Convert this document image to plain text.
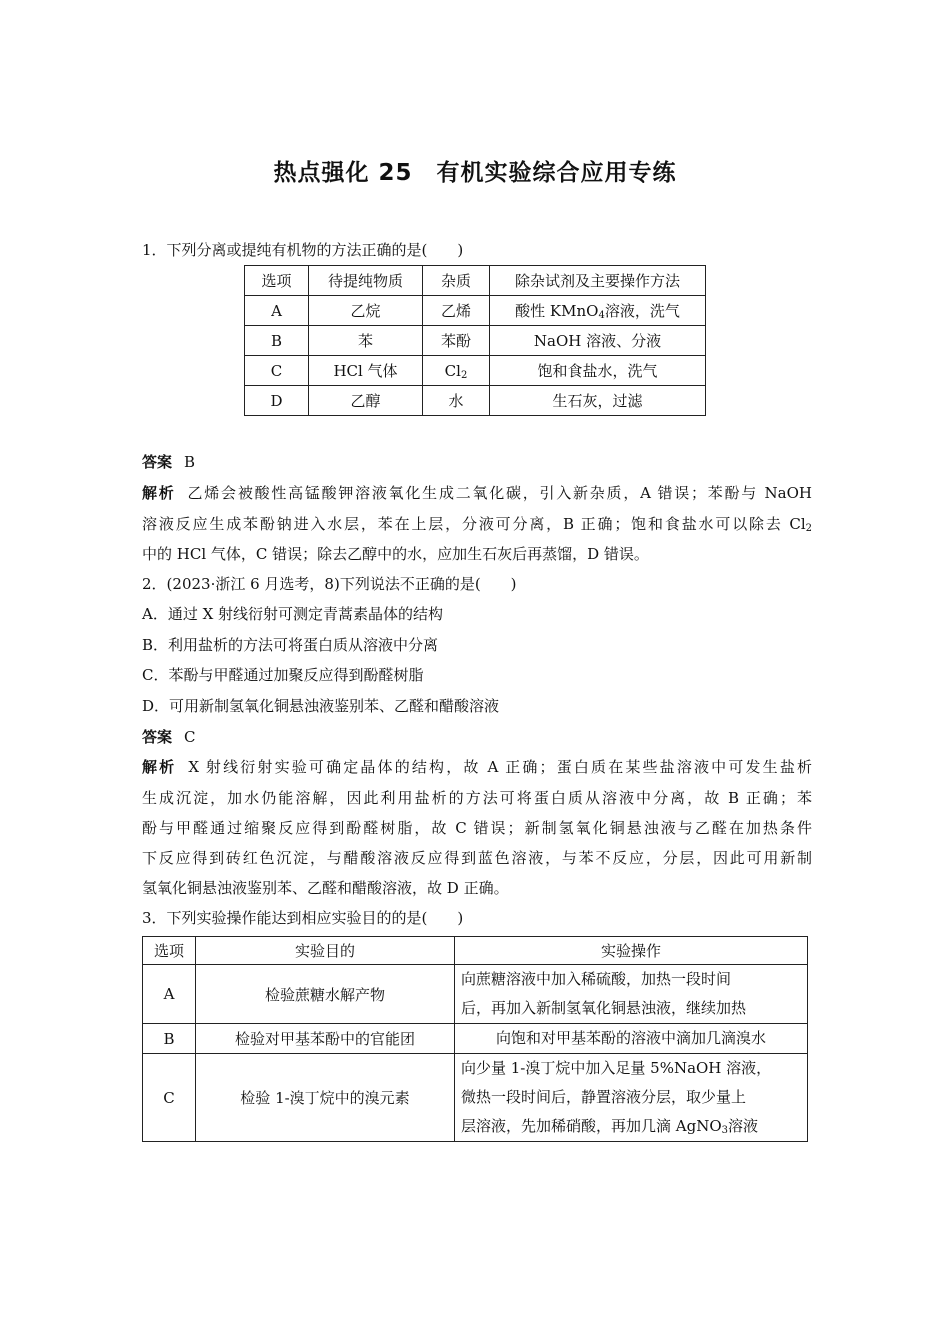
热点强化 25　有机实验综合应用专练
1．下列分离或提纯有机物的方法正确的是(　　)
选项	待提纯物质	杂质	除杂试剂及主要操作方法
A	乙烷	乙烯	酸性 KMnO$_4$溶液，洗气
B	苯	苯酚	NaOH 溶液、分液
C	HCl 气体	$Cl_2$	饱和食盐水，洗气
D	乙醇	水	生石灰，过滤
答案 B
解析 乙烯会被酸性高锰酸钾溶液氧化生成二氧化碳，引入新杂质，A 错误；苯酚与 NaOH
溶液反应生成苯酚钠进入水层，苯在上层，分液可分离，B 正确；饱和食盐水可以除去 $Cl_2$
中的 HCl 气体，C 错误；除去乙醇中的水，应加生石灰后再蒸馏，D 错误。
2．(2023·浙江 6 月选考，8)下列说法不正确的是(　　)
A．通过 X 射线衍射可测定青蒿素晶体的结构
B．利用盐析的方法可将蛋白质从溶液中分离
C．苯酚与甲醛通过加聚反应得到酚醛树脂
D．可用新制氢氧化铜悬浊液鉴别苯、乙醛和醋酸溶液
答案 C
解析 X 射线衍射实验可确定晶体的结构，故 A 正确；蛋白质在某些盐溶液中可发生盐析
生成沉淀，加水仍能溶解，因此利用盐析的方法可将蛋白质从溶液中分离，故 B 正确；苯
酚与甲醛通过缩聚反应得到酚醛树脂，故 C 错误；新制氢氧化铜悬浊液与乙醛在加热条件
下反应得到砖红色沉淀，与醋酸溶液反应得到蓝色溶液，与苯不反应，分层，因此可用新制
氢氧化铜悬浊液鉴别苯、乙醛和醋酸溶液，故 D 正确。
3．下列实验操作能达到相应实验目的的是(　　)
选项	实验目的	实验操作
A	检验蔗糖水解产物	向蔗糖溶液中加入稀硫酸，加热一段时间
后，再加入新制氢氧化铜悬浊液，继续加热

B	检验对甲基苯酚中的官能团	向饱和对甲基苯酚的溶液中滴加几滴溴水
C	检验 1-溴丁烷中的溴元素	向少量 1-溴丁烷中加入足量 5%NaOH 溶液，
微热一段时间后，静置溶液分层，取少量上
层溶液，先加稀硝酸，再加几滴 AgNO$_3$溶液
